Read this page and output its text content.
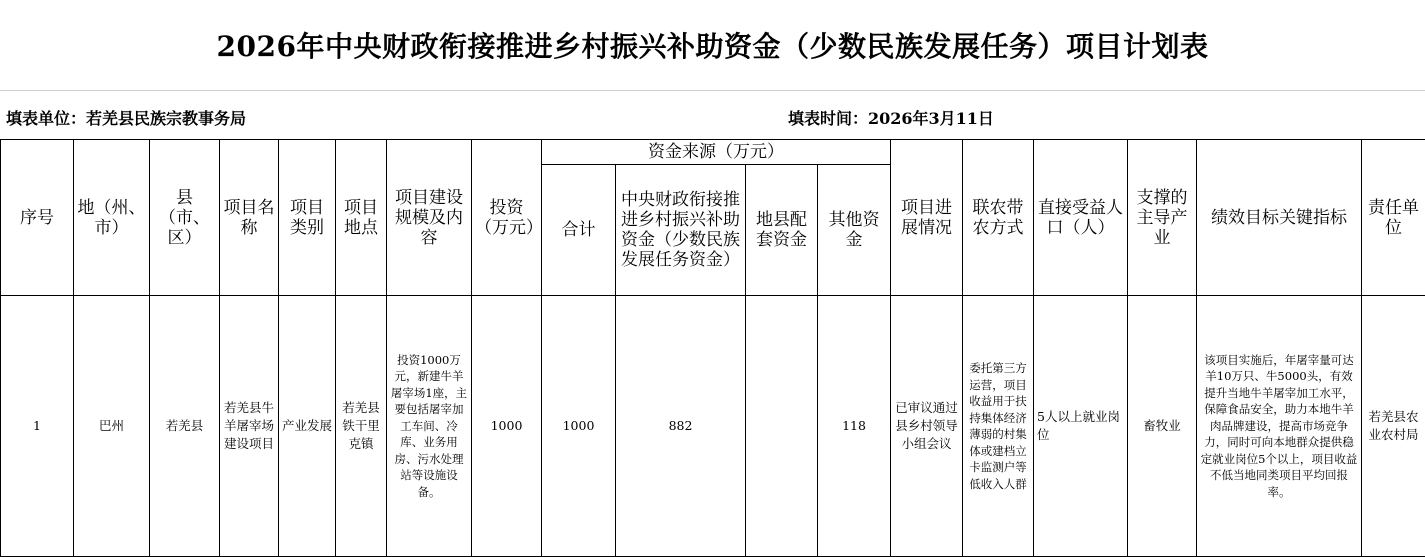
2026年中央财政衔接推进乡村振兴补助资金（少数民族发展任务）项目计划表
填表单位：若羌县民族宗教事务局	填表时间：2026年3月11日
序号	地（州、市）	县（市、区）	项目名称	项目类别	项目地点	项目建设规模及内容	投资（万元）	资金来源（万元）				项目进展情况	联农带农方式	直接受益人口（人）	支撑的主导产业	绩效目标关键指标	责任单位
								合计	中央财政衔接推进乡村振兴补助资金（少数民族发展任务资金）	地县配套资金	其他资金						
1	巴州	若羌县	若羌县牛羊屠宰场建设项目	产业发展	若羌县铁干里克镇	投资1000万元，新建牛羊屠宰场1座，主要包括屠宰加工车间、冷库、业务用房、污水处理站等设施设备。	1000	1000	882		118	已审议通过县乡村领导小组会议	委托第三方运营，项目收益用于扶持集体经济薄弱的村集体或建档立卡监测户等低收入人群	5人以上就业岗位	畜牧业	该项目实施后，年屠宰量可达羊10万只、牛5000头，有效提升当地牛羊屠宰加工水平，保障食品安全，助力本地牛羊肉品牌建设，提高市场竞争力，同时可向本地群众提供稳定就业岗位5个以上，项目收益不低当地同类项目平均回报率。	若羌县农业农村局
